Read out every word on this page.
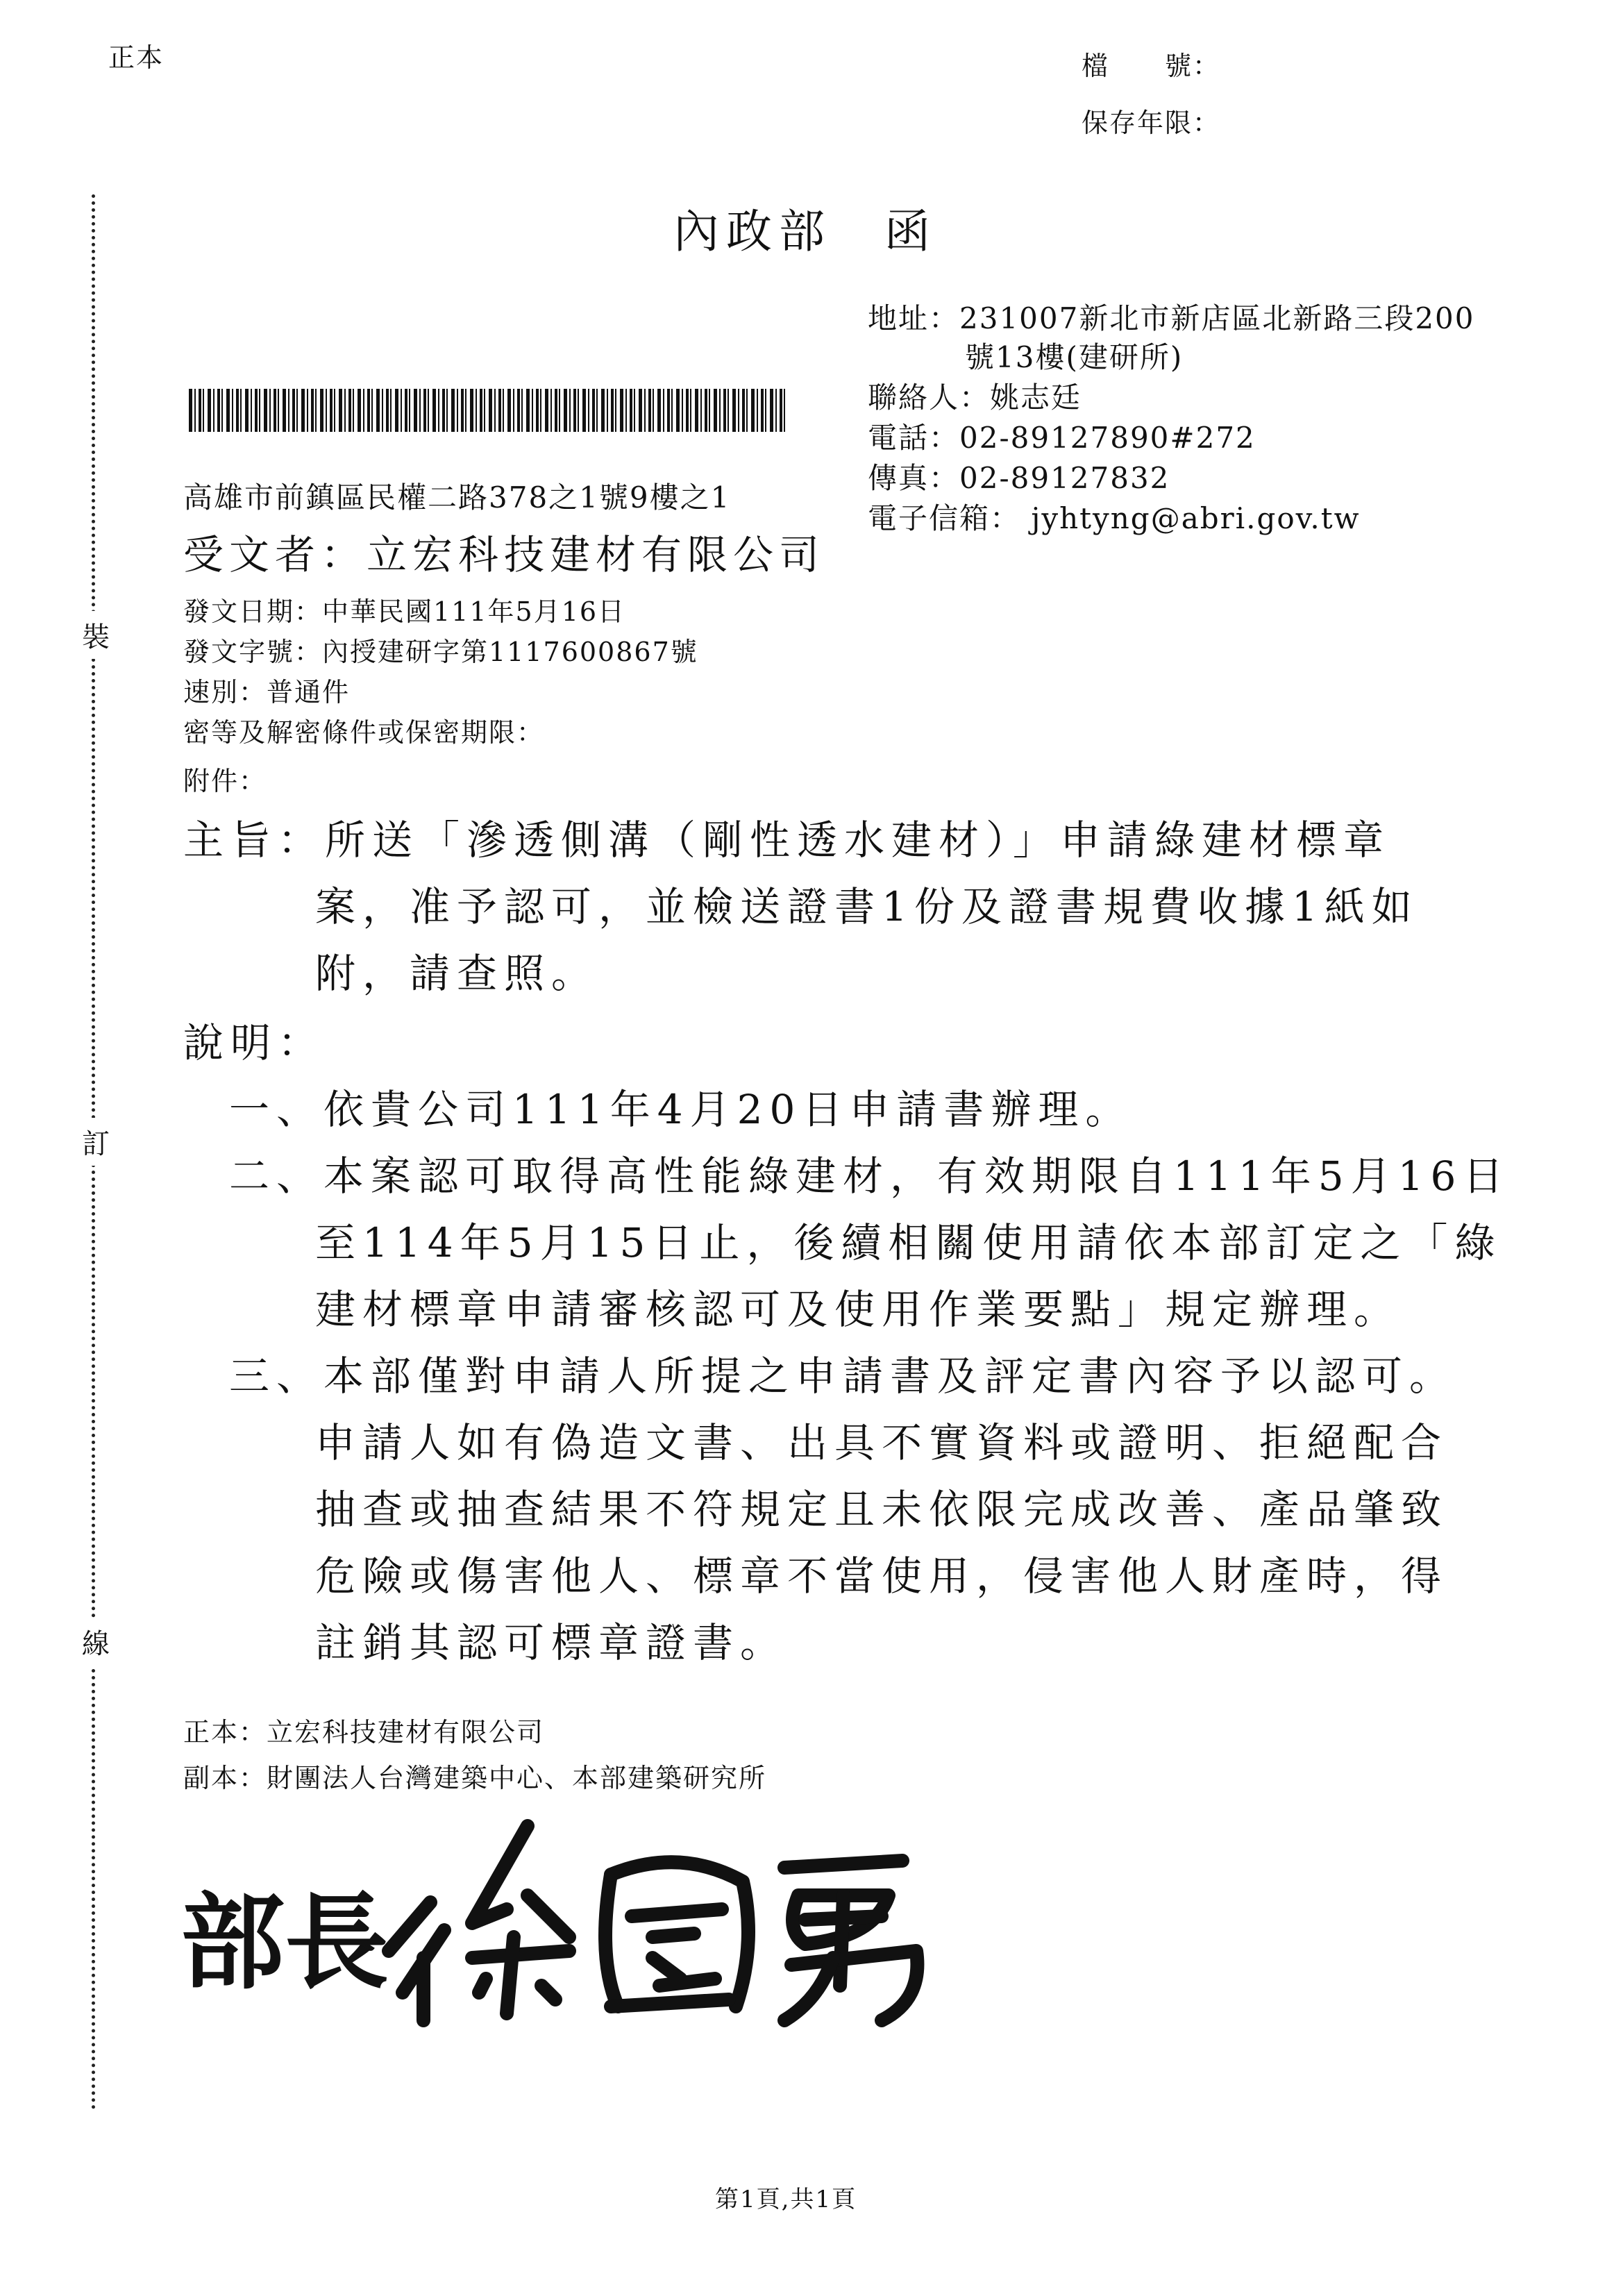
正本	檔　　號：
保存年限：
裝
訂
線
內政部　函
地址：231007新北市新店區北新路三段200
號13樓(建研所)
聯絡人：姚志廷
電話：02-89127890#272
傳真：02-89127832
電子信箱： jyhtyng@abri.gov.tw
高雄市前鎮區民權二路378之1號9樓之1
受文者：立宏科技建材有限公司
發文日期：中華民國111年5月16日
發文字號：內授建研字第1117600867號
速別：普通件
密等及解密條件或保密期限：
附件：
主旨：所送「滲透側溝（剛性透水建材）」申請綠建材標章
案，准予認可，並檢送證書1份及證書規費收據1紙如
附，請查照。
說明：
一、依貴公司111年4月20日申請書辦理。
二、本案認可取得高性能綠建材，有效期限自111年5月16日
至114年5月15日止，後續相關使用請依本部訂定之「綠
建材標章申請審核認可及使用作業要點」規定辦理。
三、本部僅對申請人所提之申請書及評定書內容予以認可。
申請人如有偽造文書、出具不實資料或證明、拒絕配合
抽查或抽查結果不符規定且未依限完成改善、產品肇致
危險或傷害他人、標章不當使用，侵害他人財產時，得
註銷其認可標章證書。
正本：立宏科技建材有限公司
副本：財團法人台灣建築中心、本部建築研究所
部長
第1頁,共1頁
